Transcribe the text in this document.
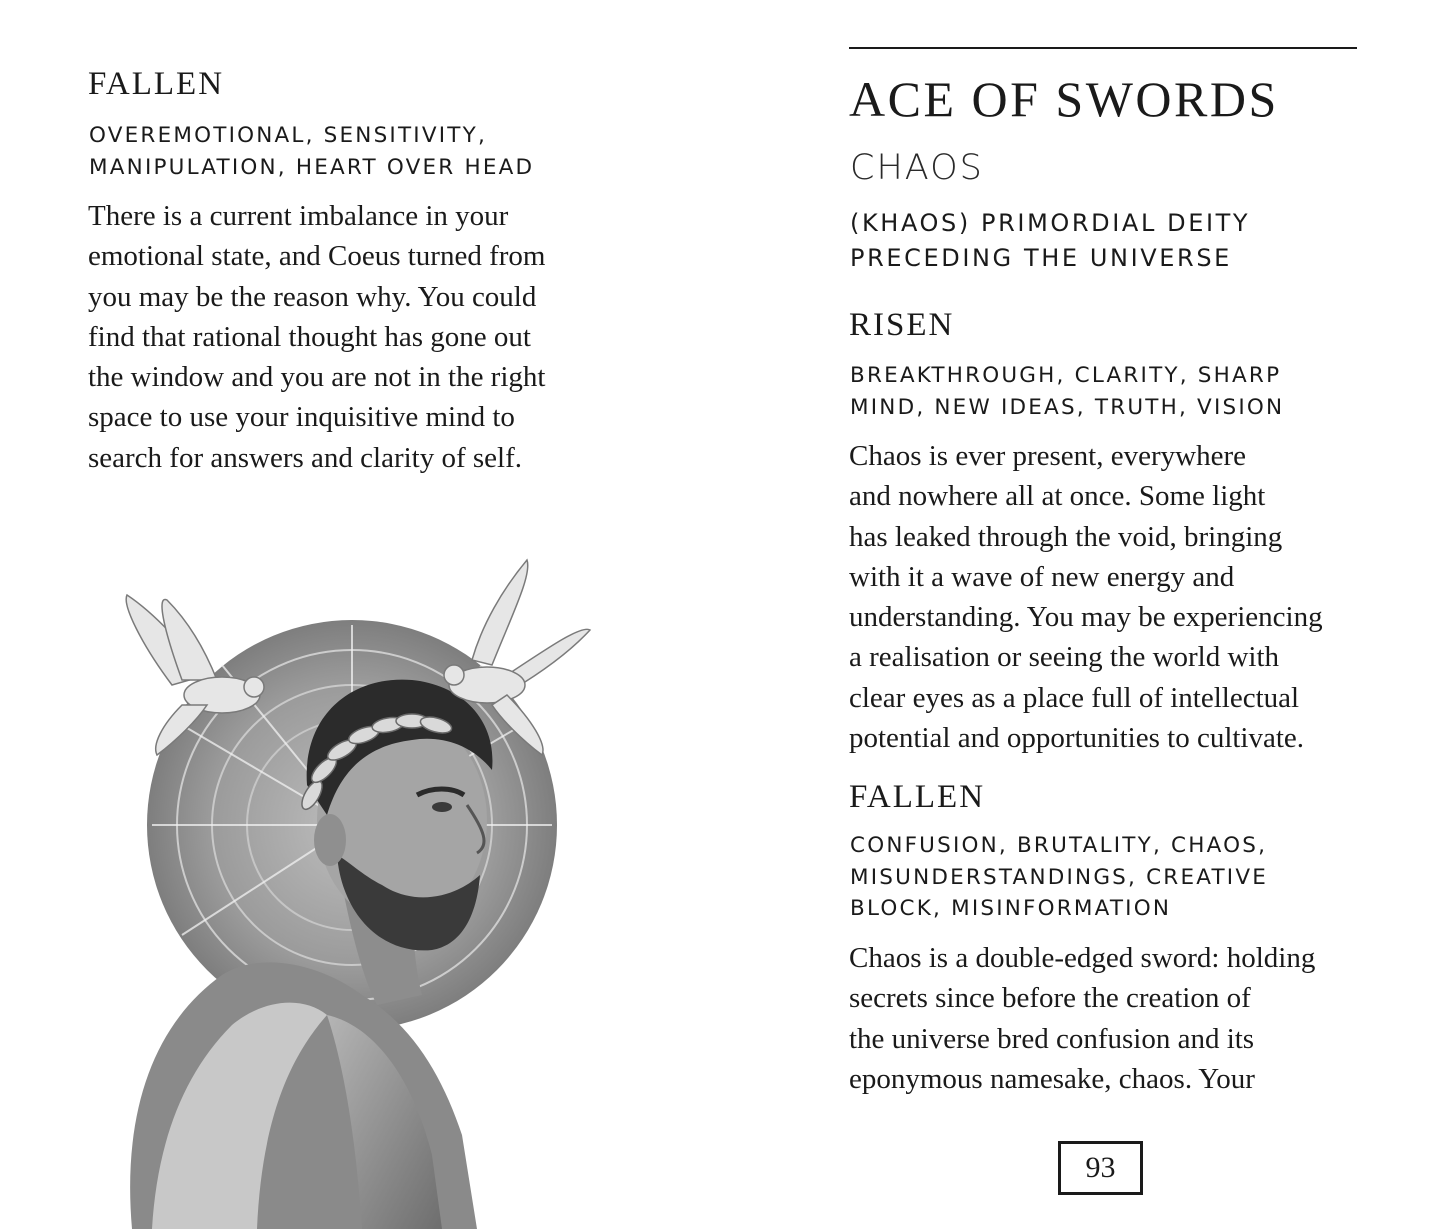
FALLEN
OVEREMOTIONAL, SENSITIVITY,
MANIPULATION, HEART OVER HEAD

There is a current imbalance in your
emotional state, and Coeus turned from
you may be the reason why. You could
find that rational thought has gone out
the window and you are not in the right
space to use your inquisitive mind to
search for answers and clarity of self.

ACE OF SWORDS
CHAOS
(KHAOS) PRIMORDIAL DEITY
PRECEDING THE UNIVERSE
RISEN
BREAKTHROUGH, CLARITY, SHARP
MIND, NEW IDEAS, TRUTH, VISION

Chaos is ever present, everywhere
and nowhere all at once. Some light
has leaked through the void, bringing
with it a wave of new energy and
understanding. You may be experiencing
a realisation or seeing the world with
clear eyes as a place full of intellectual
potential and opportunities to cultivate.

FALLEN
CONFUSION, BRUTALITY, CHAOS,
MISUNDERSTANDINGS, CREATIVE
BLOCK, MISINFORMATION

Chaos is a double-edged sword: holding
secrets since before the creation of
the universe bred confusion and its
eponymous namesake, chaos. Your

93
